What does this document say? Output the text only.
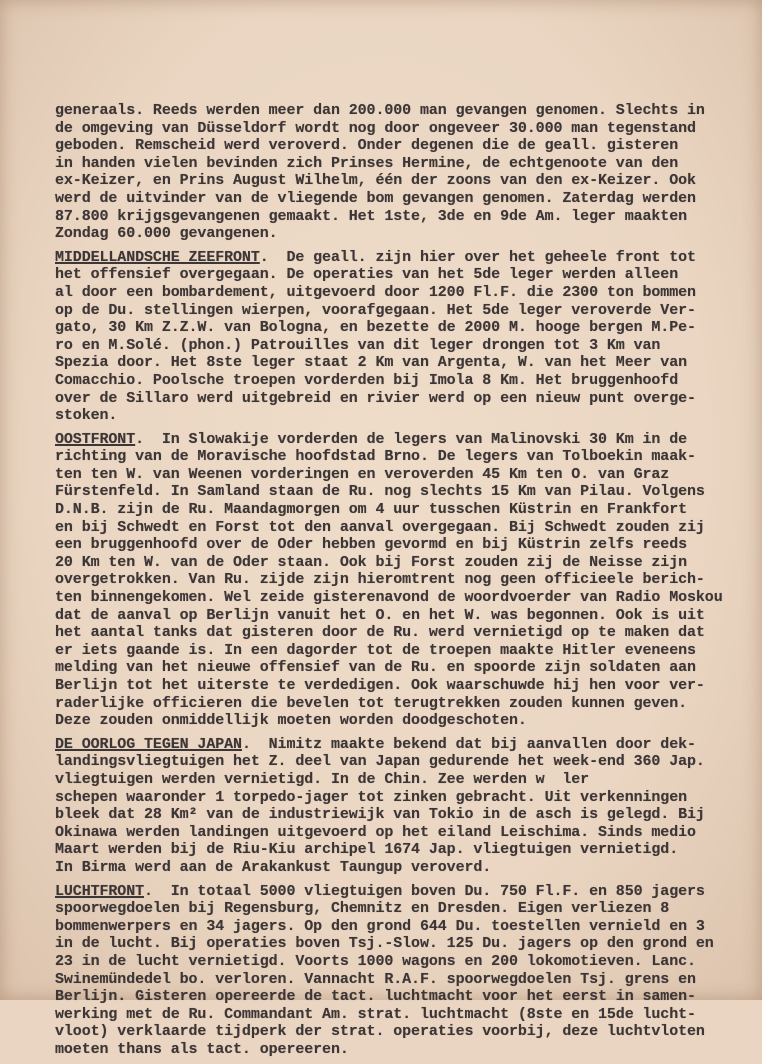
generaals. Reeds werden meer dan 200.000 man gevangen genomen. Slechts in
de omgeving van Düsseldorf wordt nog door ongeveer 30.000 man tegenstand
geboden. Remscheid werd veroverd. Onder degenen die de geall. gisteren
in handen vielen bevinden zich Prinses Hermine, de echtgenoote van den
ex-Keizer, en Prins August Wilhelm, één der zoons van den ex-Keizer. Ook
werd de uitvinder van de vliegende bom gevangen genomen. Zaterdag werden
87.800 krijgsgevangenen gemaakt. Het 1ste, 3de en 9de Am. leger maakten
Zondag 60.000 gevangenen.
MIDDELLANDSCHE ZEEFRONT.  De geall. zijn hier over het geheele front tot
het offensief overgegaan. De operaties van het 5de leger werden alleen
al door een bombardement, uitgevoerd door 1200 Fl.F. die 2300 ton bommen
op de Du. stellingen wierpen, voorafgegaan. Het 5de leger veroverde Ver-
gato, 30 Km Z.Z.W. van Bologna, en bezette de 2000 M. hooge bergen M.Pe-
ro en M.Solé. (phon.) Patrouilles van dit leger drongen tot 3 Km van
Spezia door. Het 8ste leger staat 2 Km van Argenta, W. van het Meer van
Comacchio. Poolsche troepen vorderden bij Imola 8 Km. Het bruggenhoofd
over de Sillaro werd uitgebreid en rivier werd op een nieuw punt overge-
stoken.
OOSTFRONT.  In Slowakije vorderden de legers van Malinovski 30 Km in de
richting van de Moravische hoofdstad Brno. De legers van Tolboekin maak-
ten ten W. van Weenen vorderingen en veroverden 45 Km ten O. van Graz
Fürstenfeld. In Samland staan de Ru. nog slechts 15 Km van Pilau. Volgens
D.N.B. zijn de Ru. Maandagmorgen om 4 uur tusschen Küstrin en Frankfort
en bij Schwedt en Forst tot den aanval overgegaan. Bij Schwedt zouden zij
een bruggenhoofd over de Oder hebben gevormd en bij Küstrin zelfs reeds
20 Km ten W. van de Oder staan. Ook bij Forst zouden zij de Neisse zijn
overgetrokken. Van Ru. zijde zijn hieromtrent nog geen officieele berich-
ten binnengekomen. Wel zeide gisterenavond de woordvoerder van Radio Moskou
dat de aanval op Berlijn vanuit het O. en het W. was begonnen. Ook is uit
het aantal tanks dat gisteren door de Ru. werd vernietigd op te maken dat
er iets gaande is. In een dagorder tot de troepen maakte Hitler eveneens
melding van het nieuwe offensief van de Ru. en spoorde zijn soldaten aan
Berlijn tot het uiterste te verdedigen. Ook waarschuwde hij hen voor ver-
raderlijke officieren die bevelen tot terugtrekken zouden kunnen geven.
Deze zouden onmiddellijk moeten worden doodgeschoten.
DE OORLOG TEGEN JAPAN.  Nimitz maakte bekend dat bij aanvallen door dek-
landingsvliegtuigen het Z. deel van Japan gedurende het week-end 360 Jap.
vliegtuigen werden vernietigd. In de Chin. Zee werden w  ler
schepen waaronder 1 torpedo-jager tot zinken gebracht. Uit verkenningen
bleek dat 28 Km² van de industriewijk van Tokio in de asch is gelegd. Bij
Okinawa werden landingen uitgevoerd op het eiland Leischima. Sinds medio
Maart werden bij de Riu-Kiu archipel 1674 Jap. vliegtuigen vernietigd.
In Birma werd aan de Arakankust Taungup veroverd.
LUCHTFRONT.  In totaal 5000 vliegtuigen boven Du. 750 Fl.F. en 850 jagers
spoorwegdoelen bij Regensburg, Chemnitz en Dresden. Eigen verliezen 8
bommenwerpers en 34 jagers. Op den grond 644 Du. toestellen vernield en 3
in de lucht. Bij operaties boven Tsj.-Slow. 125 Du. jagers op den grond en
23 in de lucht vernietigd. Voorts 1000 wagons en 200 lokomotieven. Lanc.
Swinemündedel bo. verloren. Vannacht R.A.F. spoorwegdoelen Tsj. grens en
Berlijn. Gisteren opereerde de tact. luchtmacht voor het eerst in samen-
werking met de Ru. Commandant Am. strat. luchtmacht (8ste en 15de lucht-
vloot) verklaarde tijdperk der strat. operaties voorbij, deze luchtvloten
moeten thans als tact. opereeren.
